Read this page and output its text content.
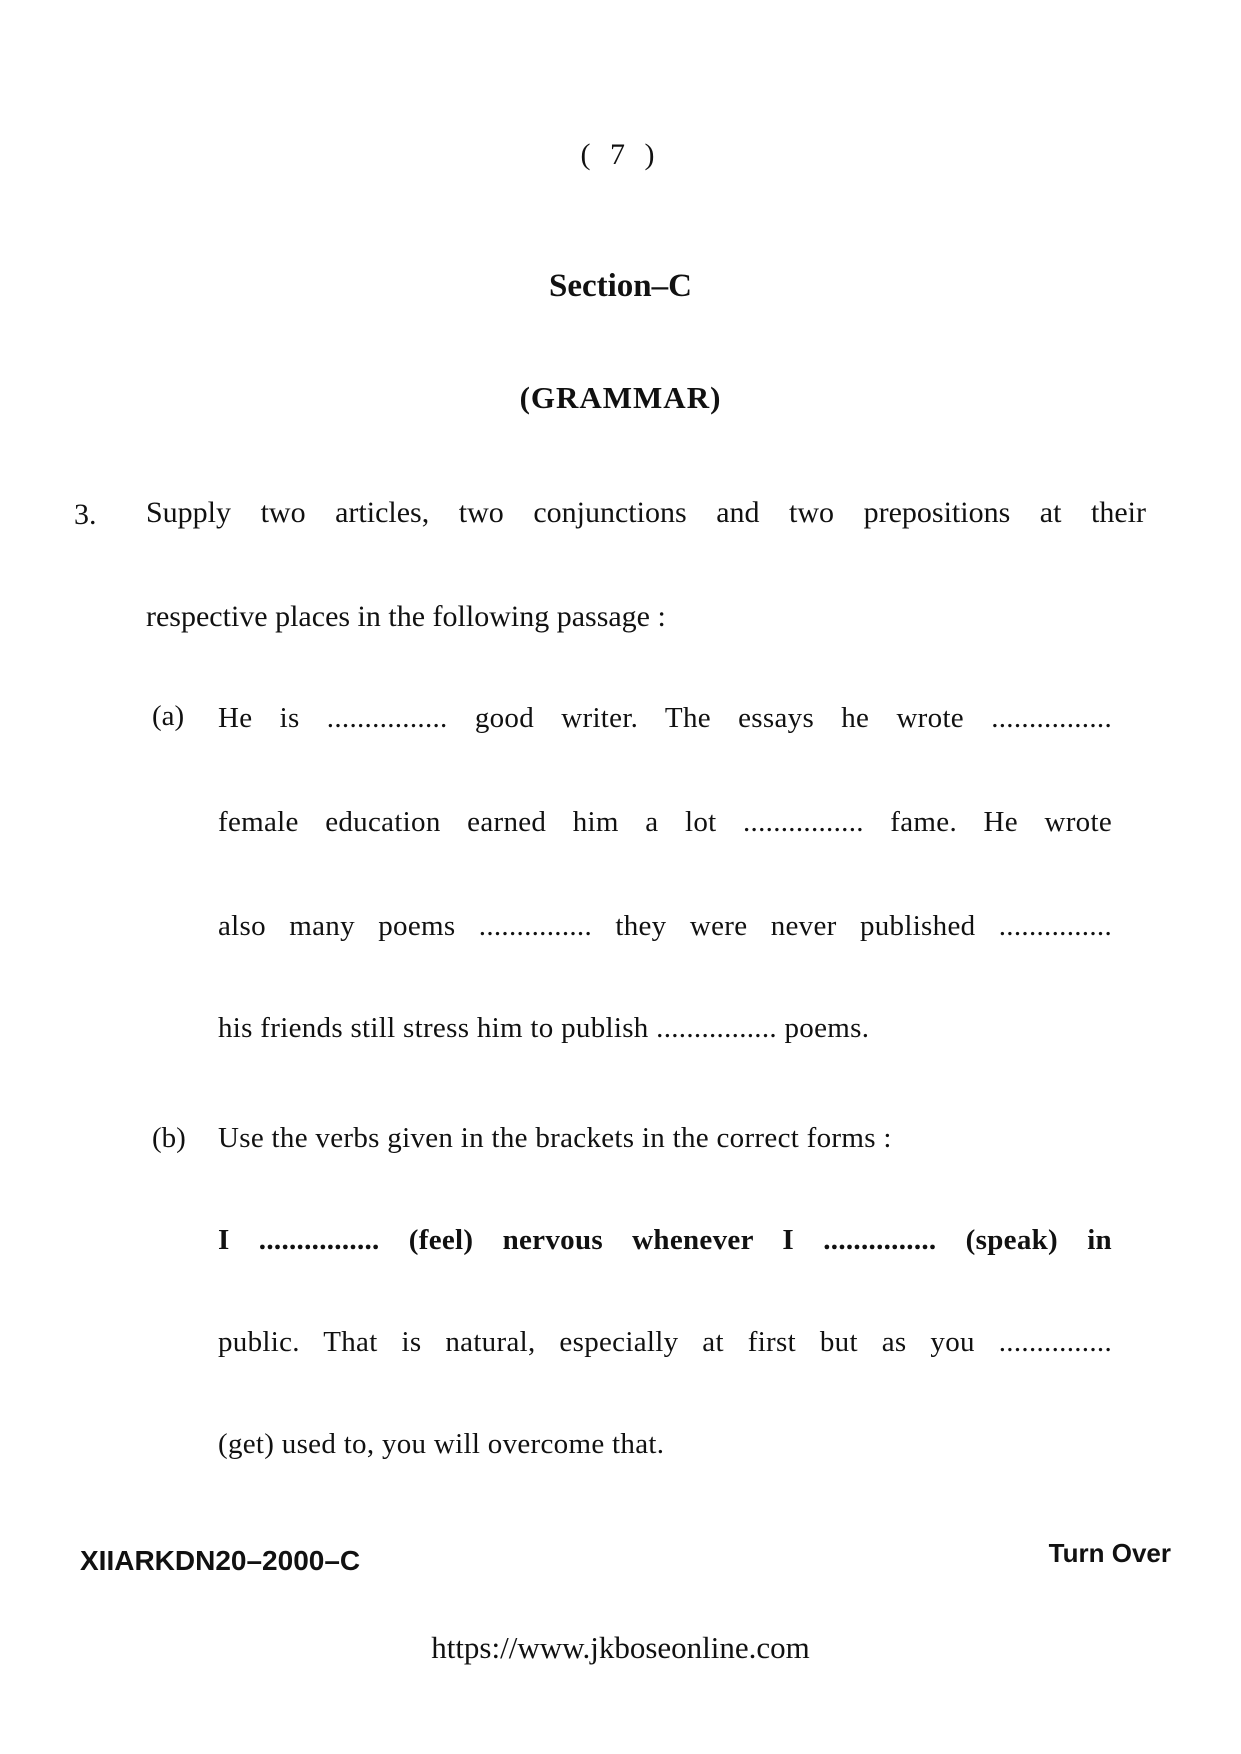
( 7 )
Section–C
(GRAMMAR)
3. Supply two articles, two conjunctions and two prepositions at their
respective places in the following passage :
(a) He is ................ good writer. The essays he wrote ................
female education earned him a lot ................ fame. He wrote
also many poems ............... they were never published ...............
his friends still stress him to publish ................ poems.
(b) Use the verbs given in the brackets in the correct forms :
I ................ (feel) nervous whenever I ............... (speak) in
public. That is natural, especially at first but as you ...............
(get) used to, you will overcome that.
XIIARKDN20–2000–C	Turn Over
https://www.jkboseonline.com
